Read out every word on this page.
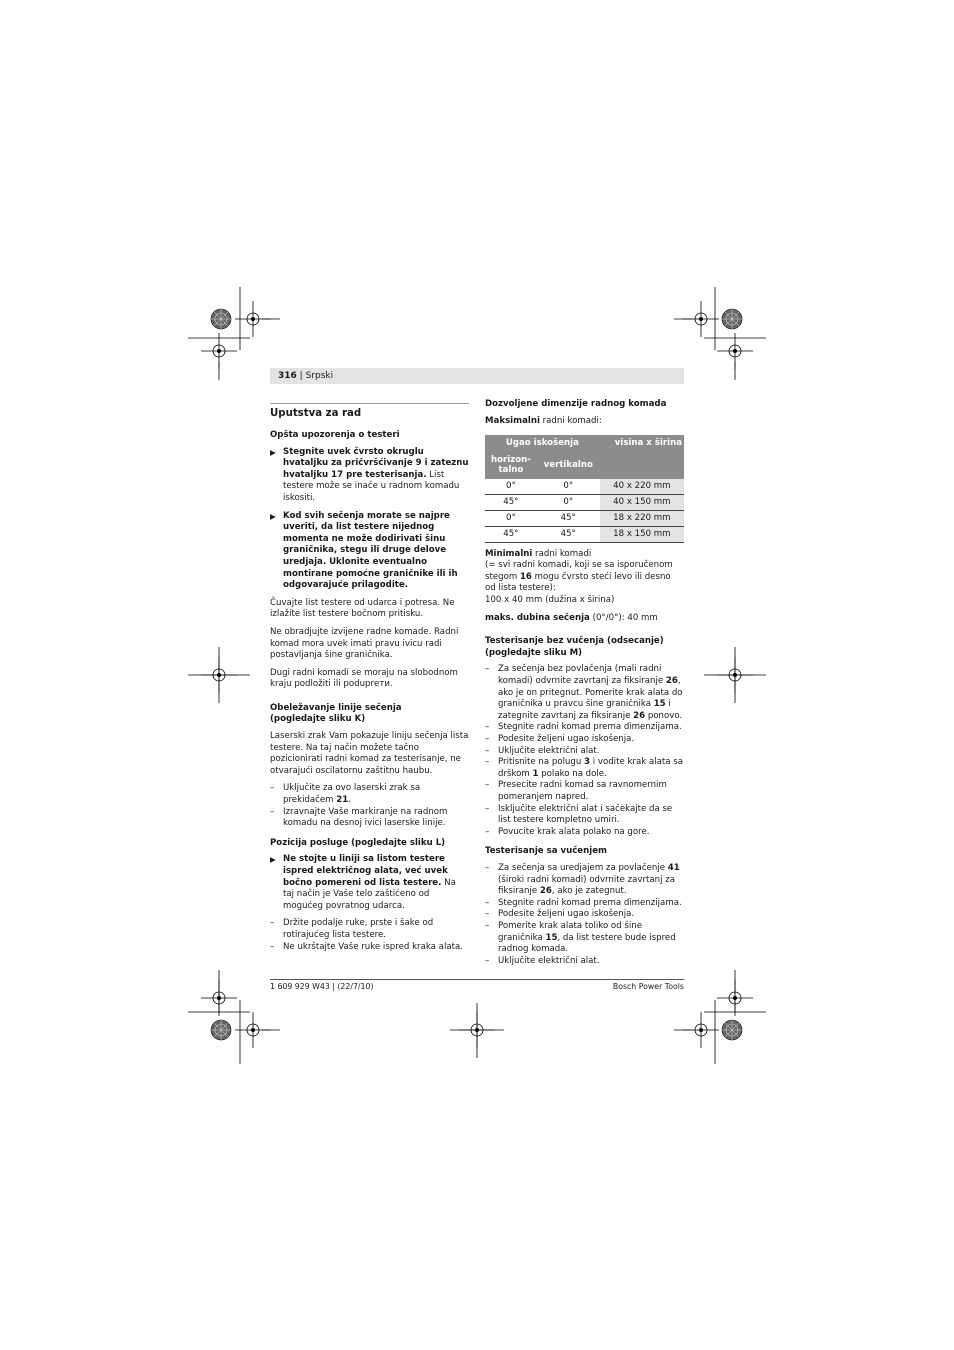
316 | Srpski
Uputstva za rad
Opšta upozorenja o testeri
▶ Stegnite uvek čvrsto okruglu hvataljku za pričvršćivanje 9 i zateznu hvataljku 17 pre testerisanja. List testere može se inače u radnom komadu iskositi.
▶ Kod svih sečenja morate se najpre uveriti, da list testere nijednog momenta ne može dodirivati šinu graničnika, stegu ili druge delove uredjaja. Uklonite eventualno montirane pomoćne graničnike ili ih odgovarajuće prilagodite.

Čuvajte list testere od udarca i potresa. Ne izlažite list testere bočnom pritisku.

Ne obradjujte izvijene radne komade. Radni komad mora uvek imati pravu ivicu radi postavljanja šine graničnika.

Dugi radni komadi se moraju na slobodnom kraju podložiti ili poduprети.

Obeležavanje linije sečenja
(pogledajte sliku K)

Laserski zrak Vam pokazuje liniju sečenja lista testere. Na taj način možete tačno pozicionirati radni komad za testerisanje, ne otvarajući oscilatornu zaštitnu haubu.

– Uključite za ovo laserski zrak sa prekidačem 21.
– Izravnajte Vaše markiranje na radnom komadu na desnoj ivici laserske linije.
Pozicija posluge (pogledajte sliku L)
▶ Ne stojte u liniji sa listom testere ispred električnog alata, već uvek bočno pomereni od lista testere. Na taj način je Vaše telo zaštićeno od mogućeg povratnog udarca.
– Držite podalje ruke, prste i šake od rotirajućeg lista testere.
– Ne ukrštajte Vaše ruke ispred kraka alata.
Dozvoljene dimenzije radnog komada

Maksimalni radni komadi:

Ugao iskošenja		visina x širina
horizon-
talno	vertikalno	
0°	0°	40 x 220 mm
45°	0°	40 x 150 mm
0°	45°	18 x 220 mm
45°	45°	18 x 150 mm
Minimalni radni komadi
(= svi radni komadi, koji se sa isporučenom stegom 16 mogu čvrsto steći levo ili desno od lista testere):

100 x 40 mm (dužina x širina)

maks. dubina sečenja (0°/0°): 40 mm

Testerisanje bez vučenja (odsecanje)
(pogledajte sliku M)
– Za sečenja bez povlačenja (mali radni komadi) odvrnite zavrtanj za fiksiranje 26, ako je on pritegnut. Pomerite krak alata do graničnika u pravcu šine graničnika 15 i zategnite zavrtanj za fiksiranje 26 ponovo.
– Stegnite radni komad prema dimenzijama.
– Podesite željeni ugao iskošenja.
– Uključite električni alat.
– Pritisnite na polugu 3 i vodite krak alata sa drškom 1 polako na dole.
– Presecite radni komad sa ravnomernim pomeranjem napred.
– Isključite električni alat i sačekajte da se list testere kompletno umiri.
– Povucite krak alata polako na gore.
Testerisanje sa vučenjem
– Za sečenja sa uredjajem za povlačenje 41 (široki radni komadi) odvrnite zavrtanj za fiksiranje 26, ako je zategnut.
– Stegnite radni komad prema dimenzijama.
– Podesite željeni ugao iskošenja.
– Pomerite krak alata toliko od šine graničnika 15, da list testere bude ispred radnog komada.
– Uključite električni alat.
1 609 929 W43 | (22/7/10)	Bosch Power Tools
